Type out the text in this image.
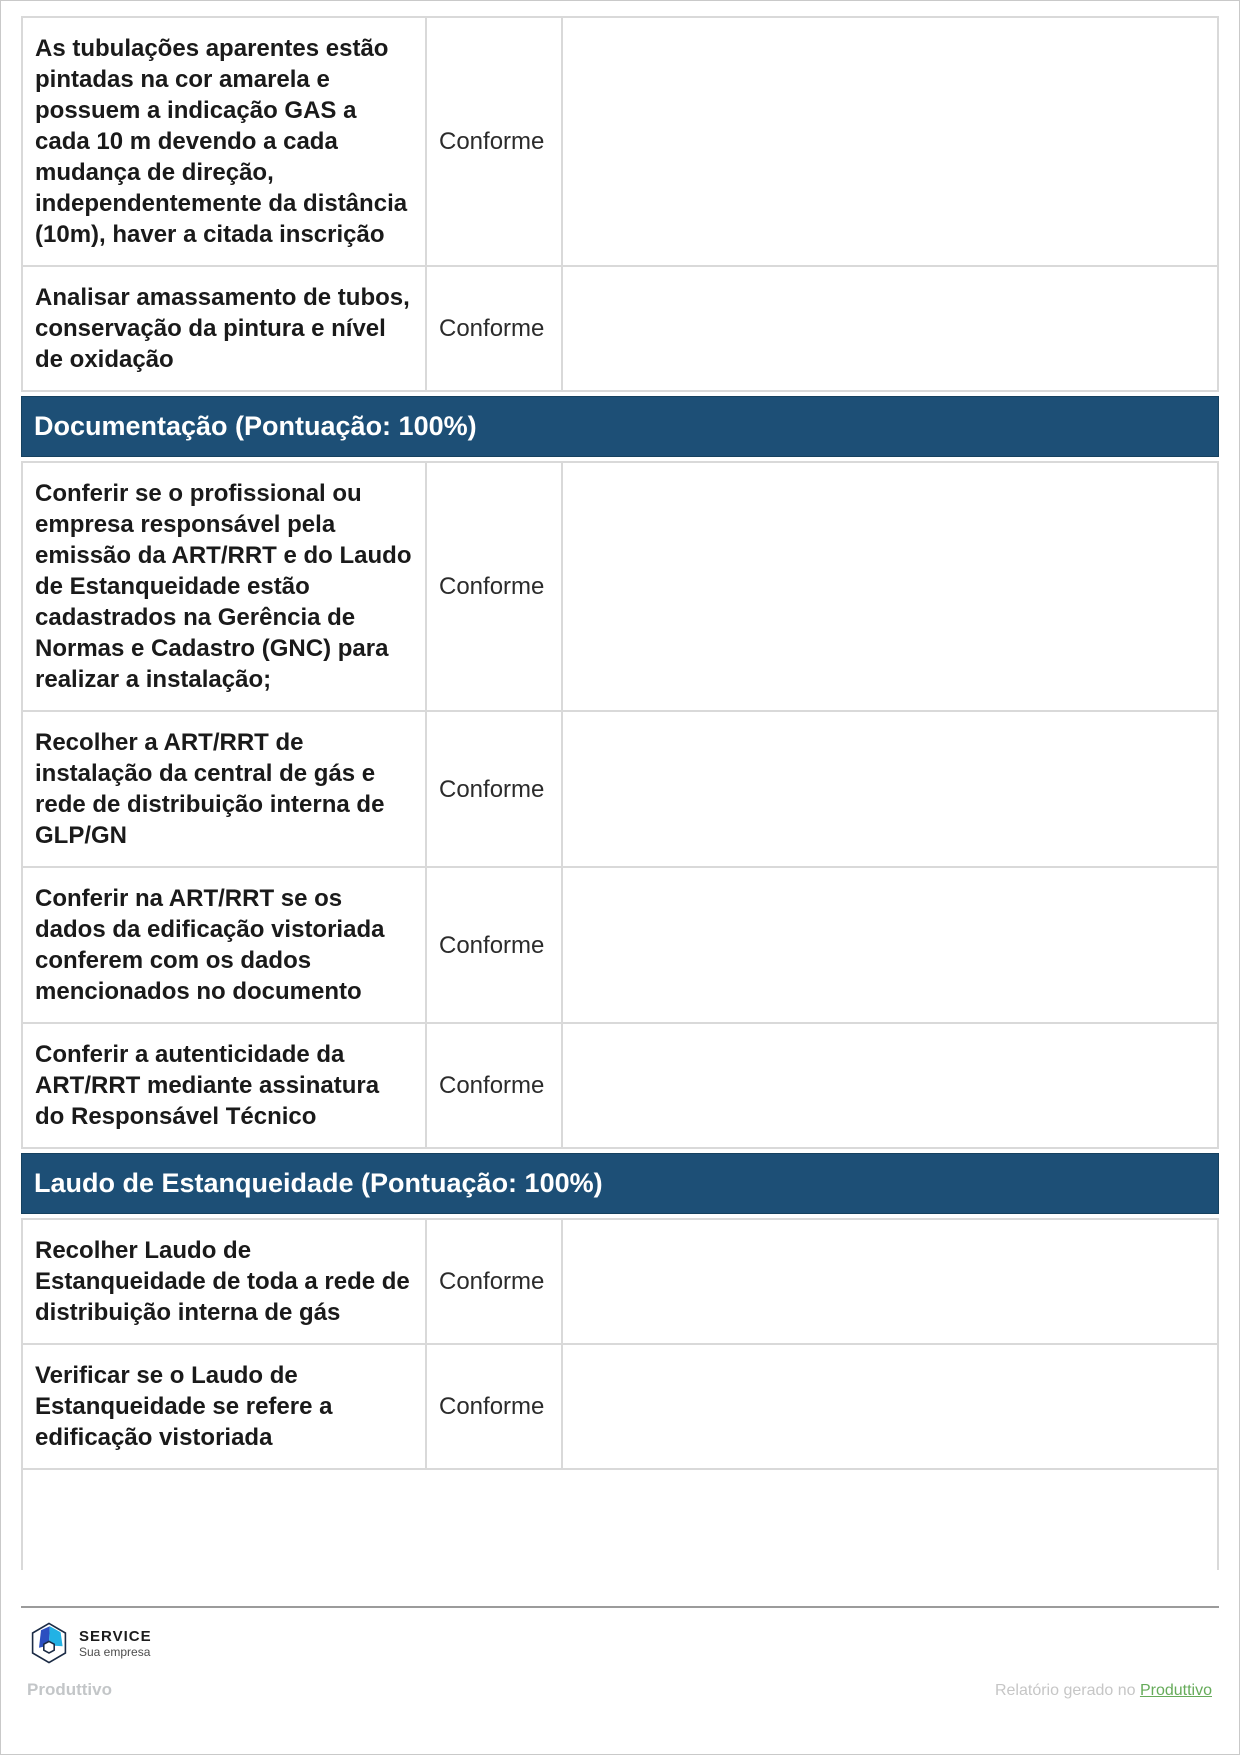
As tubulações aparentes estão pintadas na cor amarela e possuem a indicação GAS a cada 10 m devendo a cada mudança de direção, independentemente da distância (10m), haver a citada inscrição	Conforme	
Analisar amassamento de tubos, conservação da pintura e nível de oxidação	Conforme	
Documentação (Pontuação: 100%)
Conferir se o profissional ou empresa responsável pela emissão da ART/RRT e do Laudo de Estanqueidade estão cadastrados na Gerência de Normas e Cadastro (GNC) para realizar a instalação;	Conforme	
Recolher a ART/RRT de instalação da central de gás e rede de distribuição interna de GLP/GN	Conforme	
Conferir na ART/RRT se os dados da edificação vistoriada conferem com os dados mencionados no documento	Conforme	
Conferir a autenticidade da ART/RRT mediante assinatura do Responsável Técnico	Conforme	
Laudo de Estanqueidade (Pontuação: 100%)
Recolher Laudo de Estanqueidade de toda a rede de distribuição interna de gás	Conforme	
Verificar se o Laudo de Estanqueidade se refere a edificação vistoriada	Conforme	
SERVICE
Sua empresa
Produttivo	Relatório gerado no Produttivo
